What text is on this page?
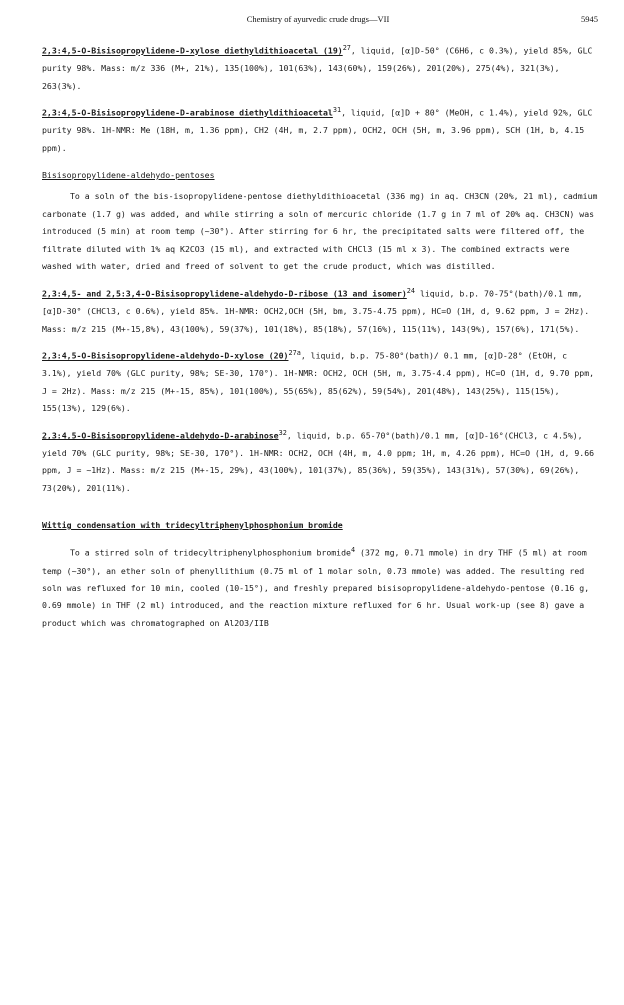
Chemistry of ayurvedic crude drugs—VII	5945

2,3:4,5-O-Bisisopropylidene-D-xylose diethyldithioacetal $(19)^{27}$, liquid, [α]D-50° (C6H6, c 0.3%), yield 85%, GLC purity 98%. Mass: m/z 336 (M+, 21%), 135(100%), 101(63%), 143(60%), 159(26%), 201(20%), 275(4%), 321(3%), 263(3%).

2,3:4,5-O-Bisisopropylidene-D-arabinose diethyldithioacetal$^{31}$, liquid, [α]D + 80° (MeOH, c 1.4%), yield 92%, GLC purity 98%. 1H-NMR: Me (18H, m, 1.36 ppm), CH2 (4H, m, 2.7 ppm), OCH2, OCH (5H, m, 3.96 ppm), SCH (1H, b, 4.15 ppm).

Bisisopropylidene-aldehydo-pentoses

To a soln of the bis-isopropylidene-pentose diethyldithioacetal (336 mg) in aq. CH3CN (20%, 21 ml), cadmium carbonate (1.7 g) was added, and while stirring a soln of mercuric chloride (1.7 g in 7 ml of 20% aq. CH3CN) was introduced (5 min) at room temp (~30°). After stirring for 6 hr, the precipitated salts were filtered off, the filtrate diluted with 1% aq K2CO3 (15 ml), and extracted with CHCl3 (15 ml x 3). The combined extracts were washed with water, dried and freed of solvent to get the crude product, which was distilled.

2,3:4,5- and 2,5:3,4-O-Bisisopropylidene-aldehydo-D-ribose (13 and isomer)$^{24}$ liquid, b.p. 70-75°(bath)/0.1 mm, [α]D-30° (CHCl3, c 0.6%), yield 85%. 1H-NMR: OCH2,OCH (5H, bm, 3.75-4.75 ppm), HC=O (1H, d, 9.62 ppm, J = 2Hz). Mass: m/z 215 (M+-15,8%), 43(100%), 59(37%), 101(18%), 85(18%), 57(16%), 115(11%), 143(9%), 157(6%), 171(5%).

2,3:4,5-O-Bisisopropylidene-aldehydo-D-xylose $(20)^{27a}$, liquid, b.p. 75-80°(bath)/ 0.1 mm, [α]D-28° (EtOH, c 3.1%), yield 70% (GLC purity, 98%; SE-30, 170°). 1H-NMR: OCH2, OCH (5H, m, 3.75-4.4 ppm), HC=O (1H, d, 9.70 ppm, J = 2Hz). Mass: m/z 215 (M+-15, 85%), 101(100%), 55(65%), 85(62%), 59(54%), 201(48%), 143(25%), 115(15%), 155(13%), 129(6%).

2,3:4,5-O-Bisisopropylidene-aldehydo-D-arabinose$^{32}$, liquid, b.p. 65-70°(bath)/0.1 mm, [α]D-16°(CHCl3, c 4.5%), yield 70% (GLC purity, 98%; SE-30, 170°). 1H-NMR: OCH2, OCH (4H, m, 4.0 ppm; 1H, m, 4.26 ppm), HC=O (1H, d, 9.66 ppm, J = ~1Hz). Mass: m/z 215 (M+-15, 29%), 43(100%), 101(37%), 85(36%), 59(35%), 143(31%), 57(30%), 69(26%), 73(20%), 201(11%).

Wittig condensation with tridecyltriphenylphosphonium bromide

To a stirred soln of tridecyltriphenylphosphonium bromide$^4$ (372 mg, 0.71 mmole) in dry THF (5 ml) at room temp (~30°), an ether soln of phenyllithium (0.75 ml of 1 molar soln, 0.73 mmole) was added. The resulting red soln was refluxed for 10 min, cooled (10-15°), and freshly prepared bisisopropylidene-aldehydo-pentose (0.16 g, 0.69 mmole) in THF (2 ml) introduced, and the reaction mixture refluxed for 6 hr. Usual work-up (see 8) gave a product which was chromatographed on Al2O3/IIB
